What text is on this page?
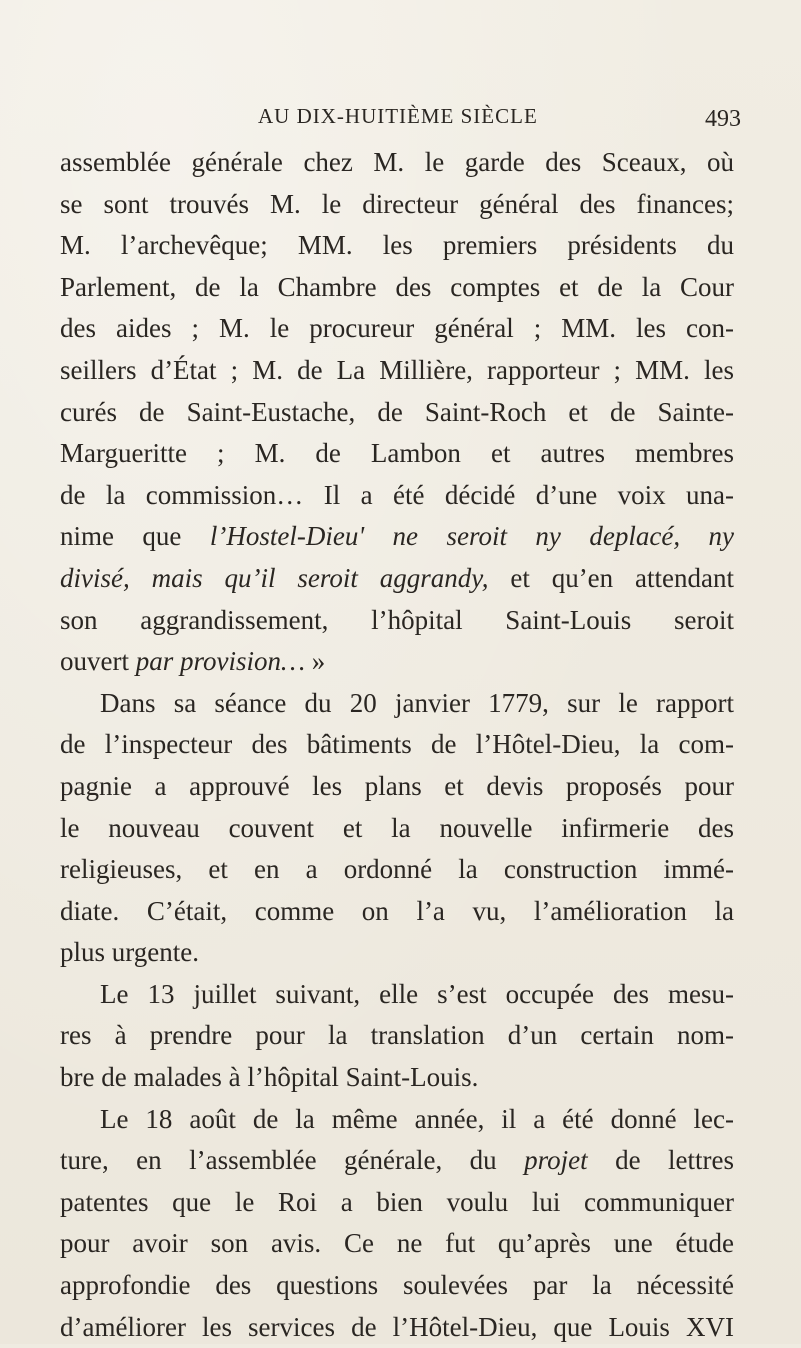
AU DIX-HUITIÈME SIÈCLE	493
assemblée générale chez M. le garde des Sceaux, où
se sont trouvés M. le directeur général des finances;
M. l’archevêque; MM. les premiers présidents du
Parlement, de la Chambre des comptes et de la Cour
des aides ; M. le procureur général ; MM. les con-
seillers d’État ; M. de La Millière, rapporteur ; MM. les
curés de Saint-Eustache, de Saint-Roch et de Sainte-
Margueritte ; M. de Lambon et autres membres
de la commission… Il a été décidé d’une voix una-
nime que l’Hostel-Dieu' ne seroit ny deplacé, ny
divisé, mais qu’il seroit aggrandy, et qu’en attendant
son aggrandissement, l’hôpital Saint-Louis seroit
ouvert par provision… »
Dans sa séance du 20 janvier 1779, sur le rapport
de l’inspecteur des bâtiments de l’Hôtel-Dieu, la com-
pagnie a approuvé les plans et devis proposés pour
le nouveau couvent et la nouvelle infirmerie des
religieuses, et en a ordonné la construction immé-
diate. C’était, comme on l’a vu, l’amélioration la
plus urgente.
Le 13 juillet suivant, elle s’est occupée des mesu-
res à prendre pour la translation d’un certain nom-
bre de malades à l’hôpital Saint-Louis.
Le 18 août de la même année, il a été donné lec-
ture, en l’assemblée générale, du projet de lettres
patentes que le Roi a bien voulu lui communiquer
pour avoir son avis. Ce ne fut qu’après une étude
approfondie des questions soulevées par la nécessité
d’améliorer les services de l’Hôtel-Dieu, que Louis XVI
